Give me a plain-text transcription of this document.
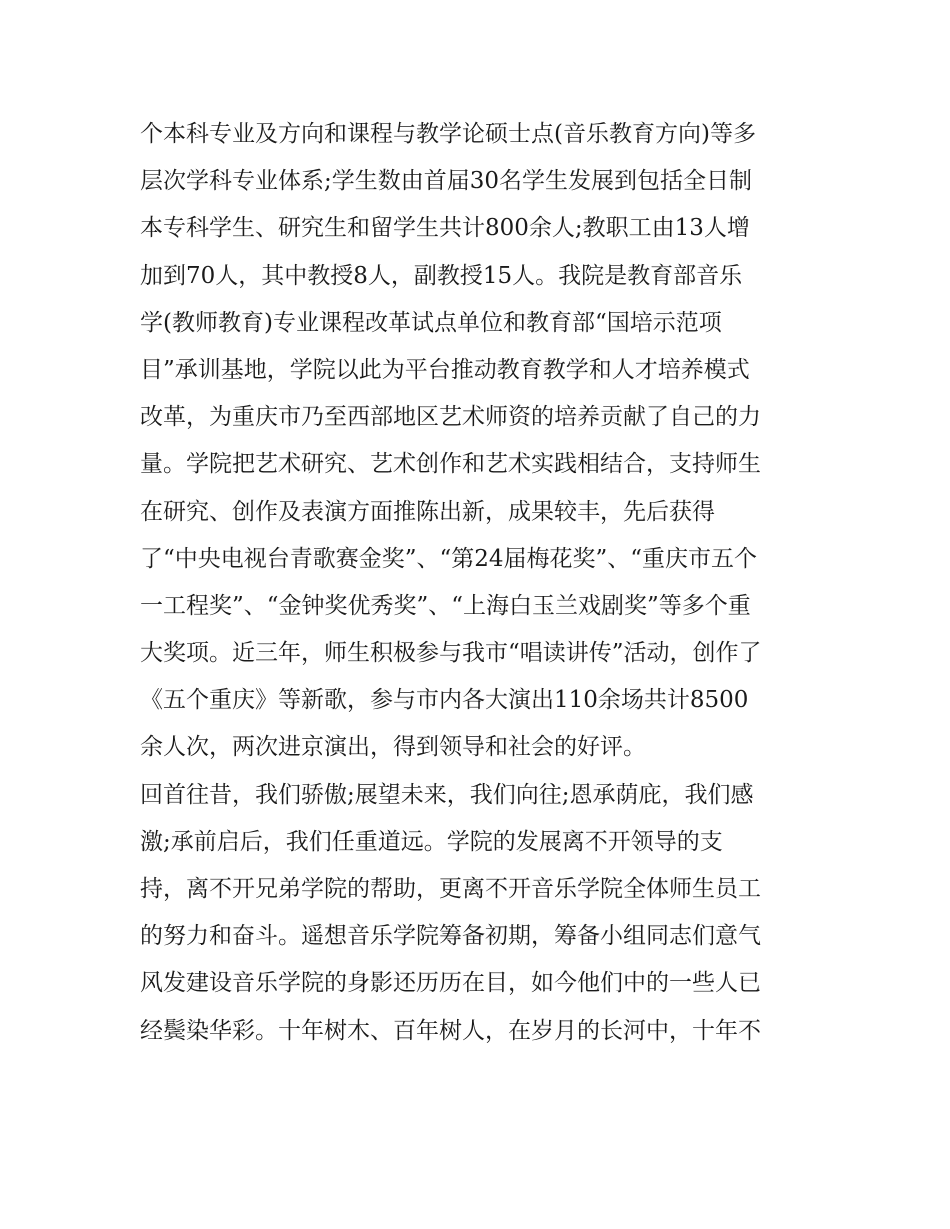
个本科专业及方向和课程与教学论硕士点(音乐教育方向)等多
层次学科专业体系;学生数由首届30名学生发展到包括全日制
本专科学生、研究生和留学生共计800余人;教职工由13人增
加到70人，其中教授8人，副教授15人。我院是教育部音乐
学(教师教育)专业课程改革试点单位和教育部“国培示范项
目”承训基地，学院以此为平台推动教育教学和人才培养模式
改革，为重庆市乃至西部地区艺术师资的培养贡献了自己的力
量。学院把艺术研究、艺术创作和艺术实践相结合，支持师生
在研究、创作及表演方面推陈出新，成果较丰，先后获得
了“中央电视台青歌赛金奖”、“第24届梅花奖”、“重庆市五个
一工程奖”、“金钟奖优秀奖”、“上海白玉兰戏剧奖”等多个重
大奖项。近三年，师生积极参与我市“唱读讲传”活动，创作了
《五个重庆》等新歌，参与市内各大演出110余场共计8500
余人次，两次进京演出，得到领导和社会的好评。
回首往昔，我们骄傲;展望未来，我们向往;恩承荫庇，我们感
激;承前启后，我们任重道远。学院的发展离不开领导的支
持，离不开兄弟学院的帮助，更离不开音乐学院全体师生员工
的努力和奋斗。遥想音乐学院筹备初期，筹备小组同志们意气
风发建设音乐学院的身影还历历在目，如今他们中的一些人已
经鬓染华彩。十年树木、百年树人，在岁月的长河中，十年不
